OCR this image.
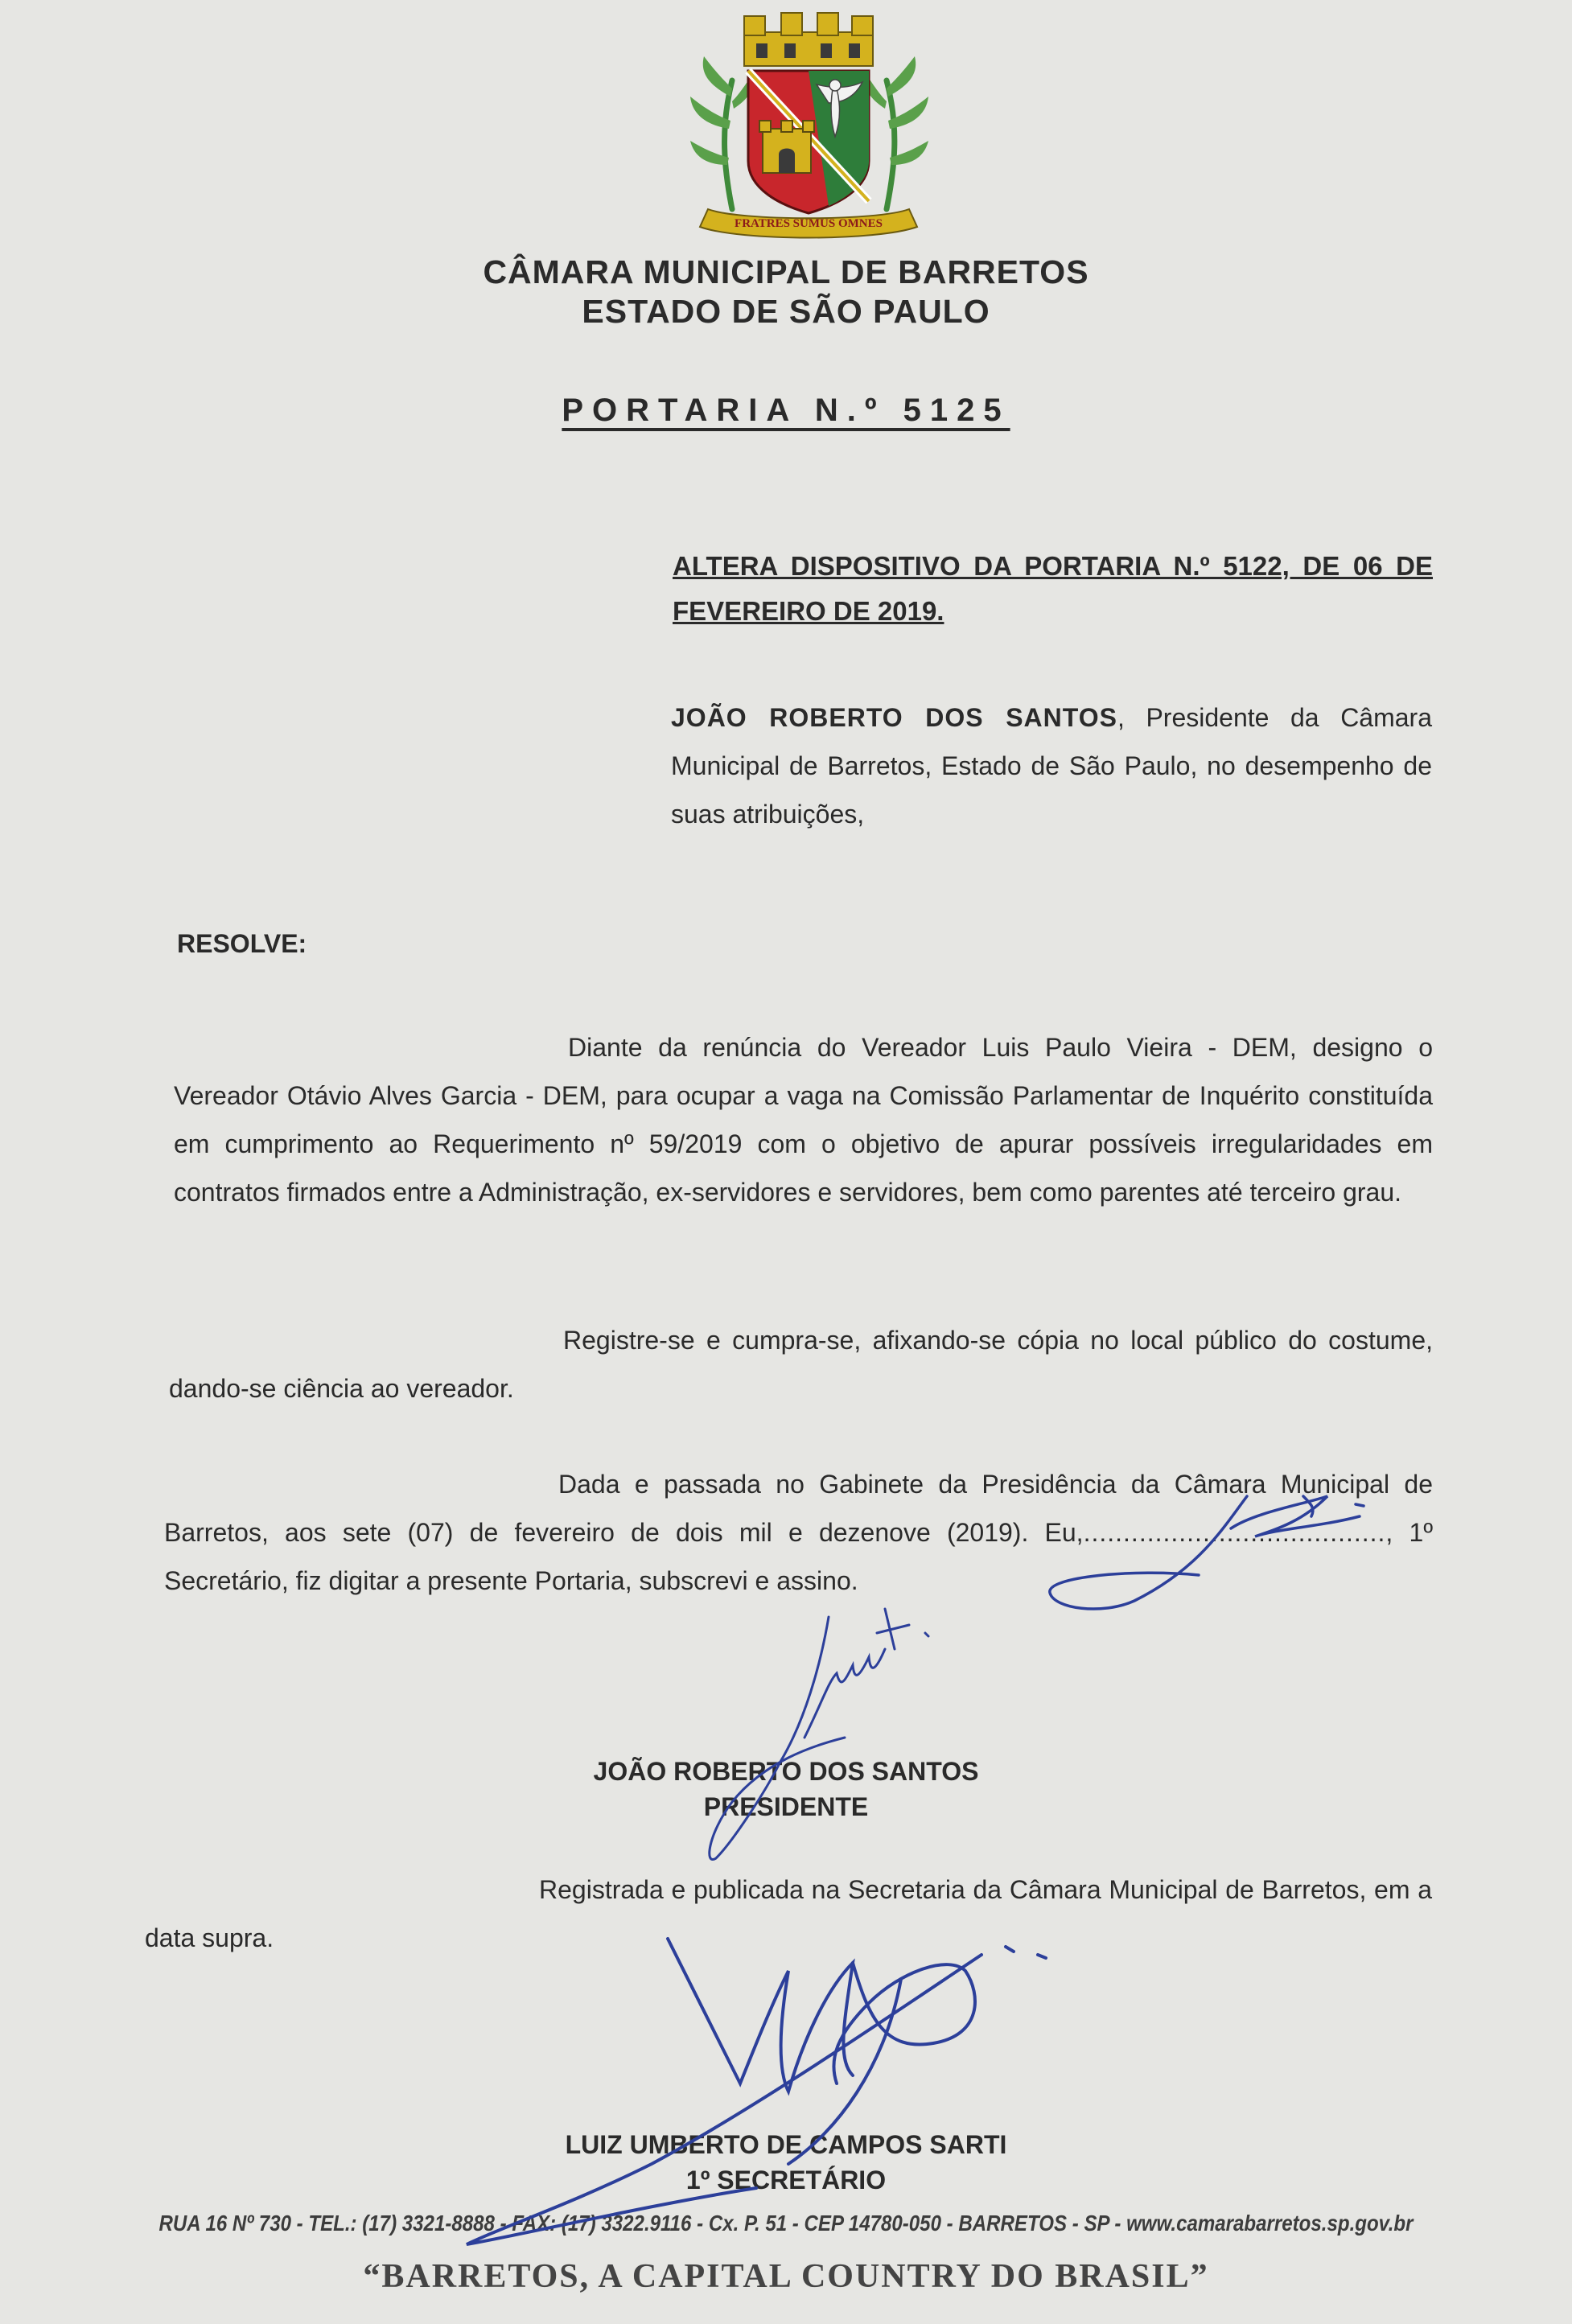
FRATRES SUMUS OMNES
CÂMARA MUNICIPAL DE BARRETOS
ESTADO DE SÃO PAULO
PORTARIA N.º 5125
ALTERA DISPOSITIVO DA PORTARIA N.º 5122, DE 06 DE FEVEREIRO DE 2019.
JOÃO ROBERTO DOS SANTOS, Presidente da Câmara Municipal de Barretos, Estado de São Paulo, no desempenho de suas atribuições,
RESOLVE:
Diante da renúncia do Vereador Luis Paulo Vieira - DEM, designo o Vereador Otávio Alves Garcia - DEM, para ocupar a vaga na Comissão Parlamentar de Inquérito constituída em cumprimento ao Requerimento nº 59/2019 com o objetivo de apurar possíveis irregularidades em contratos firmados entre a Administração, ex-servidores e servidores, bem como parentes até terceiro grau.
Registre-se e cumpra-se, afixando-se cópia no local público do costume, dando-se ciência ao vereador.
Dada e passada no Gabinete da Presidência da Câmara Municipal de Barretos, aos sete (07) de fevereiro de dois mil e dezenove (2019). Eu,......................................, 1º Secretário, fiz digitar a presente Portaria, subscrevi e assino.
JOÃO ROBERTO DOS SANTOS
PRESIDENTE
Registrada e publicada na Secretaria da Câmara Municipal de Barretos, em a data supra.
LUIZ UMBERTO DE CAMPOS SARTI
1º SECRETÁRIO
RUA 16 Nº 730 - TEL.: (17) 3321-8888 - FAX: (17) 3322.9116 - Cx. P. 51 - CEP 14780-050 - BARRETOS - SP - www.camarabarretos.sp.gov.br
“BARRETOS, A CAPITAL COUNTRY DO BRASIL”
